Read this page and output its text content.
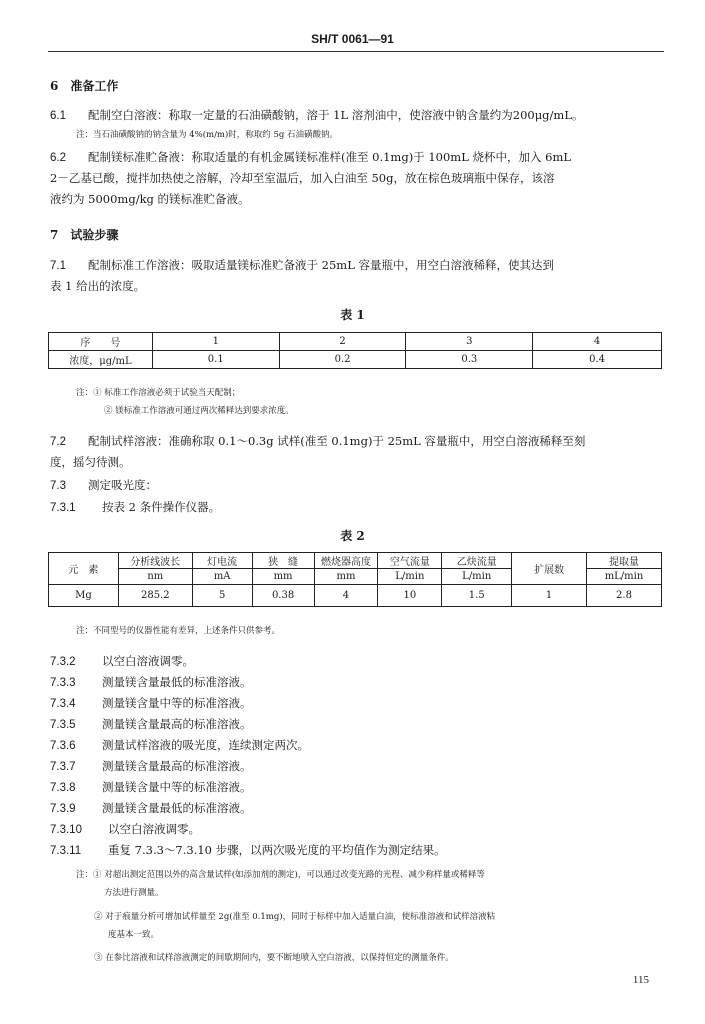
SH/T 0061—91
6　准备工作
6.1 配制空白溶液：称取一定量的石油磺酸钠，溶于 1L 溶剂油中，使溶液中钠含量约为200μg/mL。
注：当石油磺酸钠的钠含量为 4%(m/m)时，称取约 5g 石油磺酸钠。
6.2 配制镁标准贮备液：称取适量的有机金属镁标准样(准至 0.1mg)于 100mL 烧杯中，加入 6mL
2－乙基已酸，搅拌加热使之溶解，冷却至室温后，加入白油至 50g，放在棕色玻璃瓶中保存，该溶
液约为 5000mg/kg 的镁标准贮备液。
7　试验步骤
7.1 配制标准工作溶液：吸取适量镁标准贮备液于 25mL 容量瓶中，用空白溶液稀释，使其达到
表 1 给出的浓度。
表 1
序　　号	1	2	3	4
浓度，μg/mL	0.1	0.2	0.3	0.4
注：① 标准工作溶液必须于试验当天配制；
② 镁标准工作溶液可通过两次稀释达到要求浓度。
7.2 配制试样溶液：准确称取 0.1～0.3g 试样(准至 0.1mg)于 25mL 容量瓶中，用空白溶液稀释至刻
度，摇匀待测。
7.3 测定吸光度：
7.3.1 按表 2 条件操作仪器。
表 2
元　素	分析线波长	灯电流	狭　缝	燃烧器高度	空气流量	乙炔流量	扩展数	提取量
	nm	mA	mm	mm	L/min	L/min		mL/min
Mg	285.2	5	0.38	4	10	1.5	1	2.8
注：不同型号的仪器性能有差异，上述条件只供参考。
7.3.2 以空白溶液调零。
7.3.3 测量镁含量最低的标准溶液。
7.3.4 测量镁含量中等的标准溶液。
7.3.5 测量镁含量最高的标准溶液。
7.3.6 测量试样溶液的吸光度，连续测定两次。
7.3.7 测量镁含量最高的标准溶液。
7.3.8 测量镁含量中等的标准溶液。
7.3.9 测量镁含量最低的标准溶液。
7.3.10 以空白溶液调零。
7.3.11 重复 7.3.3～7.3.10 步骤，以两次吸光度的平均值作为测定结果。
注：① 对超出测定范围以外的高含量试样(如添加剂的测定)，可以通过改变光路的光程、减少称样量或稀释等
方法进行测量。
② 对于痕量分析可增加试样量至 2g(准至 0.1mg)，同时于标样中加入适量白油，使标准溶液和试样溶液粘
度基本一致。
③ 在参比溶液和试样溶液测定的间歇期间内，要不断地喷入空白溶液，以保持恒定的测量条件。
115
